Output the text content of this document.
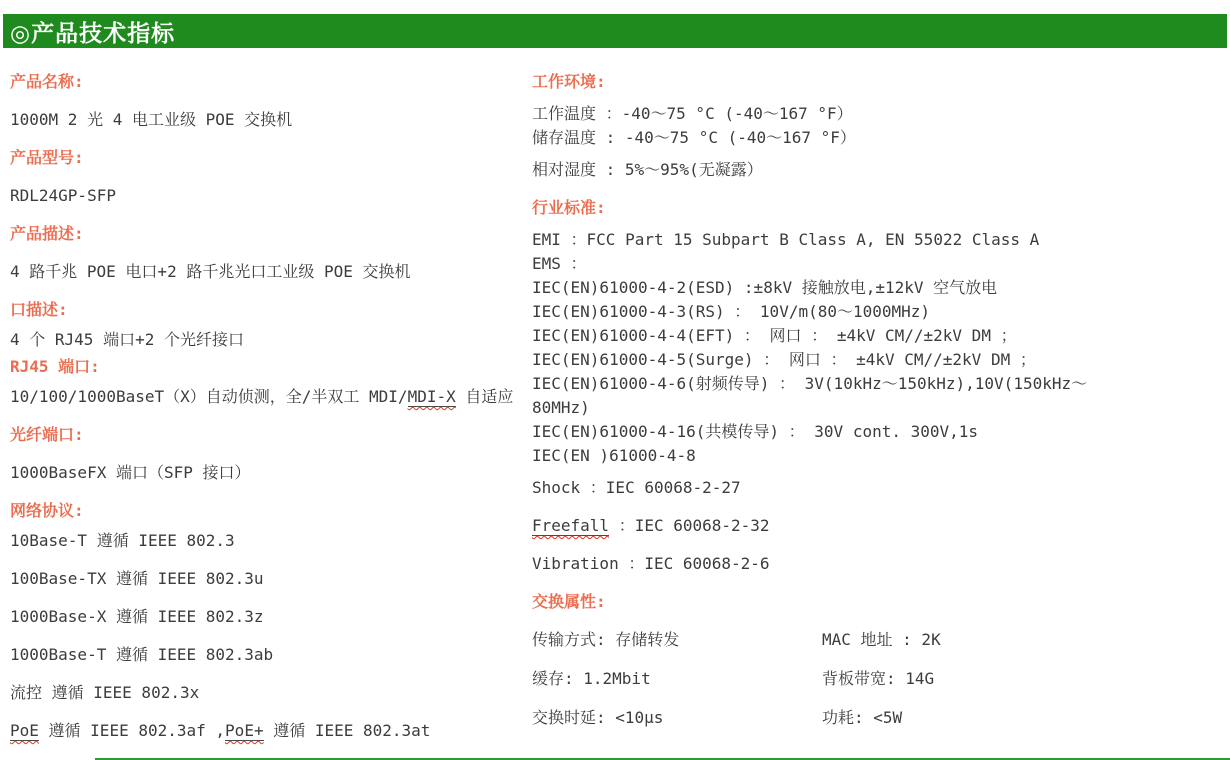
◎产品技术指标
产品名称:
1000M 2 光 4 电工业级 POE 交换机
产品型号:
RDL24GP-SFP
产品描述:
4 路千兆 POE 电口+2 路千兆光口工业级 POE 交换机
口描述:
4 个 RJ45 端口+2 个光纤接口
RJ45 端口:
10/100/1000BaseT（X）自动侦测，全/半双工 MDI/MDI-X 自适应
光纤端口:
1000BaseFX 端口（SFP 接口）
网络协议:
10Base-T 遵循 IEEE 802.3
100Base-TX 遵循 IEEE 802.3u
1000Base-X 遵循 IEEE 802.3z
1000Base-T 遵循 IEEE 802.3ab
流控 遵循 IEEE 802.3x
PoE 遵循 IEEE 802.3af ,PoE+ 遵循 IEEE 802.3at
工作环境:
工作温度 ：-40～75 °C (-40～167 °F）
储存温度 : -40～75 °C (-40～167 °F）
相对湿度 : 5%～95%(无凝露）
行业标准:
EMI ：FCC Part 15 Subpart B Class A, EN 55022 Class A
EMS ：
IEC(EN)61000-4-2(ESD) :±8kV 接触放电,±12kV 空气放电
IEC(EN)61000-4-3(RS) ： 10V/m(80～1000MHz)
IEC(EN)61000-4-4(EFT) ： 网口 ： ±4kV CM//±2kV DM ；
IEC(EN)61000-4-5(Surge) ： 网口 ： ±4kV CM//±2kV DM ；
IEC(EN)61000-4-6(射频传导) ： 3V(10kHz～150kHz),10V(150kHz～80MHz)
IEC(EN)61000-4-16(共模传导) ： 30V cont. 300V,1s
IEC(EN )61000-4-8
Shock ：IEC 60068-2-27
Freefall ：IEC 60068-2-32
Vibration ：IEC 60068-2-6
交换属性:
传输方式: 存储转发	MAC 地址 : 2K
缓存: 1.2Mbit	背板带宽: 14G
交换时延: <10μs	功耗: <5W
